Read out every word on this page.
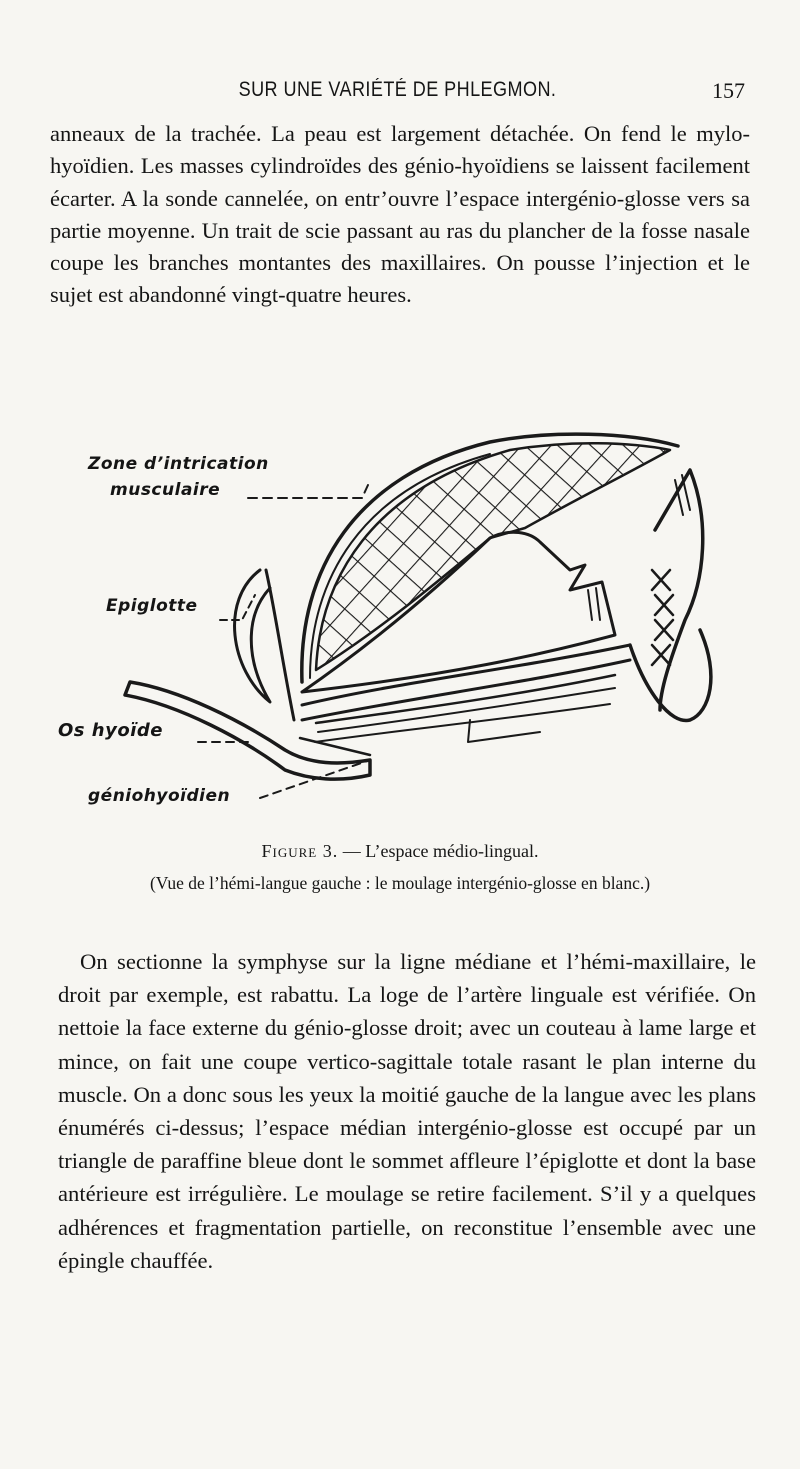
SUR UNE VARIÉTÉ DE PHLEGMON.	157

anneaux de la trachée. La peau est largement détachée. On fend le mylo-hyoïdien. Les masses cylindroïdes des génio-hyoïdiens se laissent facilement écarter. A la sonde cannelée, on entr’ouvre l’espace intergénio-glosse vers sa partie moyenne. Un trait de scie passant au ras du plancher de la fosse nasale coupe les branches montantes des maxillaires. On pousse l’injection et le sujet est abandonné vingt-quatre heures.

Zone d’intrication
musculaire
Epiglotte
Os hyoïde
géniohyoïdien
Figure 3. — L’espace médio-lingual.
(Vue de l’hémi-langue gauche : le moulage intergénio-glosse en blanc.)

On sectionne la symphyse sur la ligne médiane et l’hémi-maxillaire, le droit par exemple, est rabattu. La loge de l’artère linguale est vérifiée. On nettoie la face externe du génio-glosse droit; avec un couteau à lame large et mince, on fait une coupe vertico-sagittale totale rasant le plan interne du muscle. On a donc sous les yeux la moitié gauche de la langue avec les plans énumérés ci-dessus; l’espace médian intergénio-glosse est occupé par un triangle de paraffine bleue dont le sommet affleure l’épiglotte et dont la base antérieure est irrégulière. Le moulage se retire facilement. S’il y a quelques adhérences et fragmentation partielle, on reconstitue l’ensemble avec une épingle chauffée.
